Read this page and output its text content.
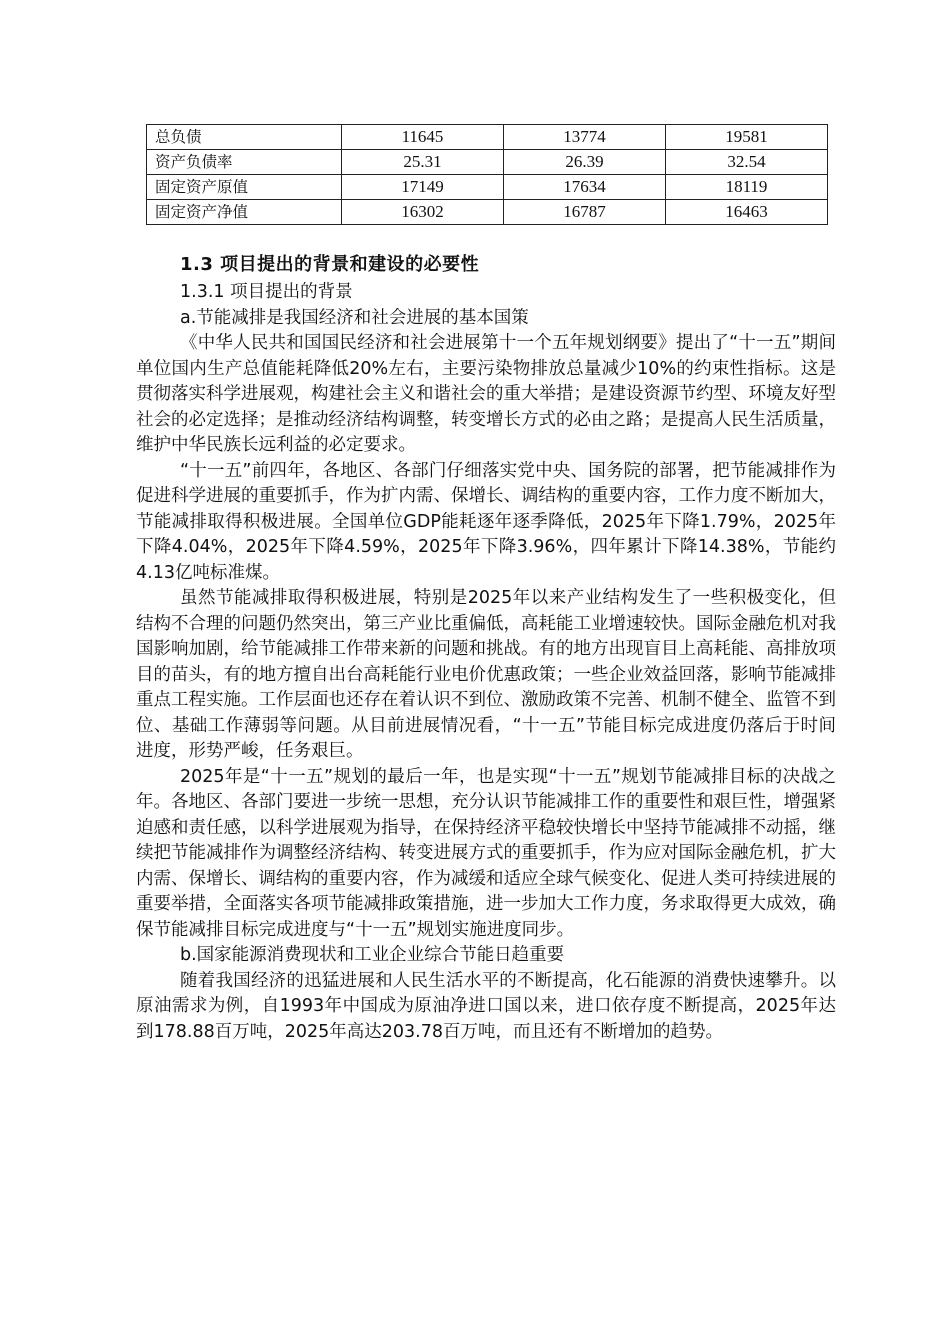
总负债	11645	13774	19581
资产负债率	25.31	26.39	32.54
固定资产原值	17149	17634	18119
固定资产净值	16302	16787	16463
1.3 项目提出的背景和建设的必要性
1.3.1 项目提出的背景
a.节能减排是我国经济和社会进展的基本国策

《中华人民共和国国民经济和社会进展第十一个五年规划纲要》提出了“十一五”期间单位国内生产总值能耗降低20%左右，主要污染物排放总量减少10%的约束性指标。这是贯彻落实科学进展观，构建社会主义和谐社会的重大举措；是建设资源节约型、环境友好型社会的必定选择；是推动经济结构调整，转变增长方式的必由之路；是提高人民生活质量，维护中华民族长远利益的必定要求。

“十一五”前四年，各地区、各部门仔细落实党中央、国务院的部署，把节能减排作为促进科学进展的重要抓手，作为扩内需、保增长、调结构的重要内容，工作力度不断加大，节能减排取得积极进展。全国单位GDP能耗逐年逐季降低，2025年下降1.79%，2025年下降4.04%，2025年下降4.59%，2025年下降3.96%，四年累计下降14.38%，节能约4.13亿吨标准煤。

虽然节能减排取得积极进展，特别是2025年以来产业结构发生了一些积极变化，但结构不合理的问题仍然突出，第三产业比重偏低，高耗能工业增速较快。国际金融危机对我国影响加剧，给节能减排工作带来新的问题和挑战。有的地方出现盲目上高耗能、高排放项目的苗头，有的地方擅自出台高耗能行业电价优惠政策；一些企业效益回落，影响节能减排重点工程实施。工作层面也还存在着认识不到位、激励政策不完善、机制不健全、监管不到位、基础工作薄弱等问题。从目前进展情况看，“十一五”节能目标完成进度仍落后于时间进度，形势严峻，任务艰巨。

2025年是“十一五”规划的最后一年，也是实现“十一五”规划节能减排目标的决战之年。各地区、各部门要进一步统一思想，充分认识节能减排工作的重要性和艰巨性，增强紧迫感和责任感，以科学进展观为指导，在保持经济平稳较快增长中坚持节能减排不动摇，继续把节能减排作为调整经济结构、转变进展方式的重要抓手，作为应对国际金融危机，扩大内需、保增长、调结构的重要内容，作为减缓和适应全球气候变化、促进人类可持续进展的重要举措，全面落实各项节能减排政策措施，进一步加大工作力度，务求取得更大成效，确保节能减排目标完成进度与“十一五”规划实施进度同步。

b.国家能源消费现状和工业企业综合节能日趋重要

随着我国经济的迅猛进展和人民生活水平的不断提高，化石能源的消费快速攀升。以原油需求为例，自1993年中国成为原油净进口国以来，进口依存度不断提高，2025年达到178.88百万吨，2025年高达203.78百万吨，而且还有不断增加的趋势。
